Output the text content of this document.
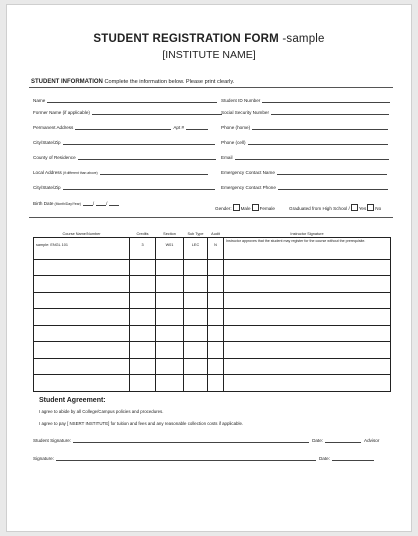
STUDENT REGISTRATION FORM -sample
[INSTITUTE NAME]
STUDENT INFORMATION Complete the information below. Please print clearly.
Name	Student ID Number
Former Name (if applicable)	Social Security Number
Permanent Address	Apt #	Phone (home)
City/State/Zip	Phone (cell)
County of Residence	Email
Local Address (if different than above)	Emergency Contact Name
City/State/Zip	Emergency Contact Phone
Birth Date (Month/Day/Year)	/	/
Gender: Male Female	Graduated from High School / Yes No
Course Name/Number	Credits	Section	Sub Type	Audit	Instructor Signature
sample: ENGL 101	3	W01	LEC	N	Instructor approves that the student may register for the course without the prerequisite.

Student Agreement:
I agree to abide by all College/Campus policies and procedures.
I agree to pay [ NSERT INSTITUTE] for tuition and fees and any reasonable collection costs if applicable.
Student Signature:	Date:	Advisor
Signature:	Date:
